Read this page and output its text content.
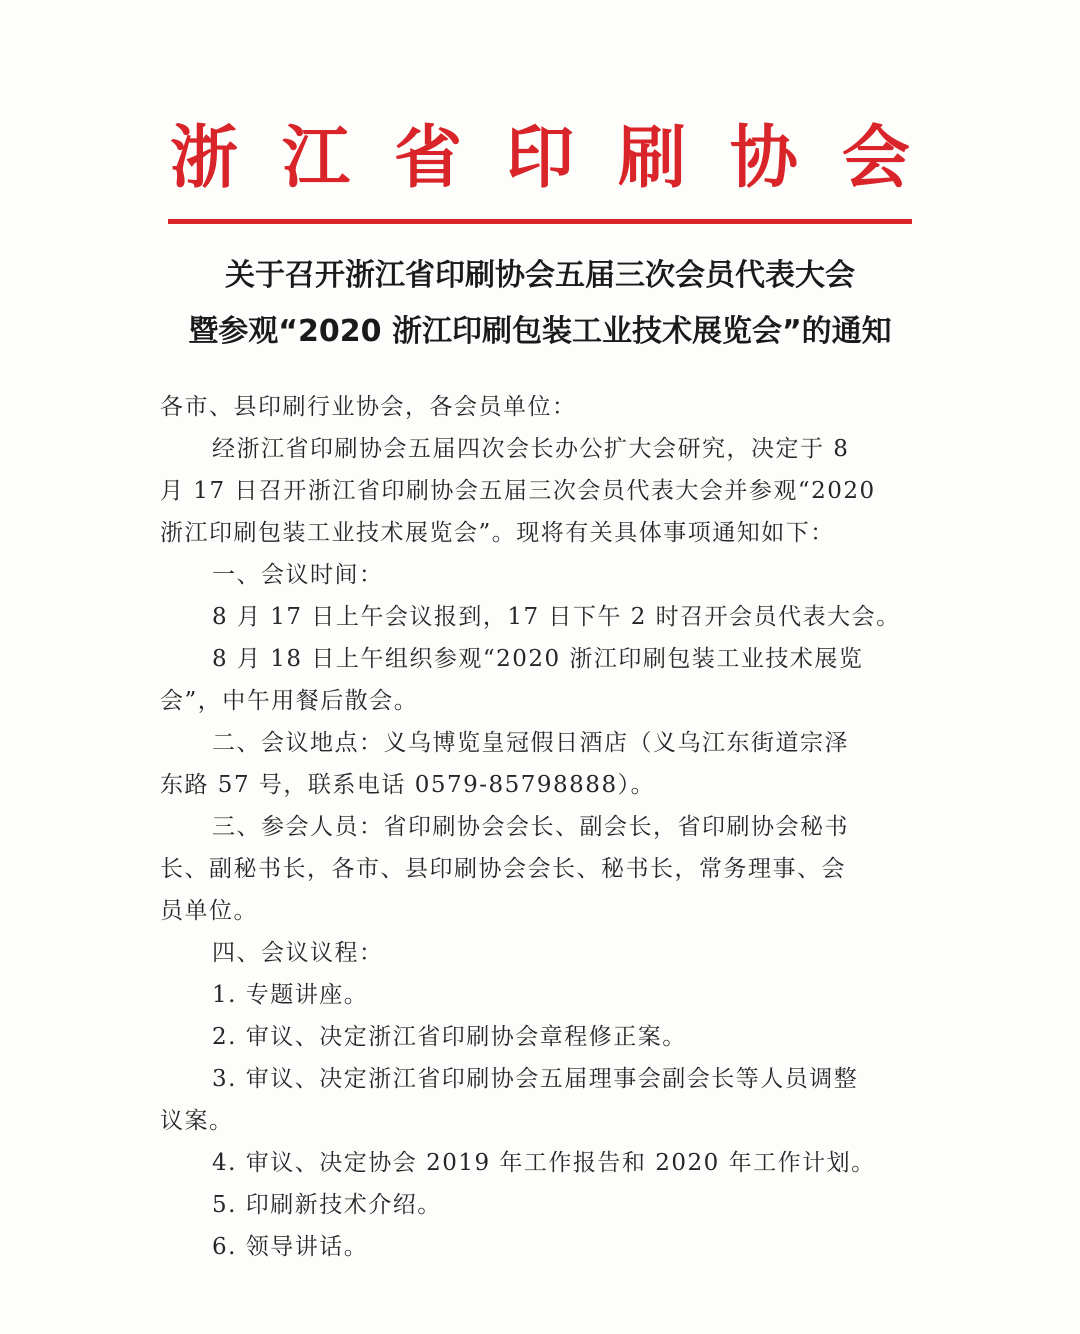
浙 江 省 印 刷 协 会
关于召开浙江省印刷协会五届三次会员代表大会
暨参观“2020 浙江印刷包装工业技术展览会”的通知
各市、县印刷行业协会，各会员单位：
经浙江省印刷协会五届四次会长办公扩大会研究，决定于 8
月 17 日召开浙江省印刷协会五届三次会员代表大会并参观“2020
浙江印刷包装工业技术展览会”。现将有关具体事项通知如下：
一、会议时间：
8 月 17 日上午会议报到，17 日下午 2 时召开会员代表大会。
8 月 18 日上午组织参观“2020 浙江印刷包装工业技术展览
会”，中午用餐后散会。
二、会议地点：义乌博览皇冠假日酒店（义乌江东街道宗泽
东路 57 号，联系电话 0579-85798888）。
三、参会人员：省印刷协会会长、副会长，省印刷协会秘书
长、副秘书长，各市、县印刷协会会长、秘书长，常务理事、会
员单位。
四、会议议程：
1. 专题讲座。
2. 审议、决定浙江省印刷协会章程修正案。
3. 审议、决定浙江省印刷协会五届理事会副会长等人员调整
议案。
4. 审议、决定协会 2019 年工作报告和 2020 年工作计划。
5. 印刷新技术介绍。
6. 领导讲话。
